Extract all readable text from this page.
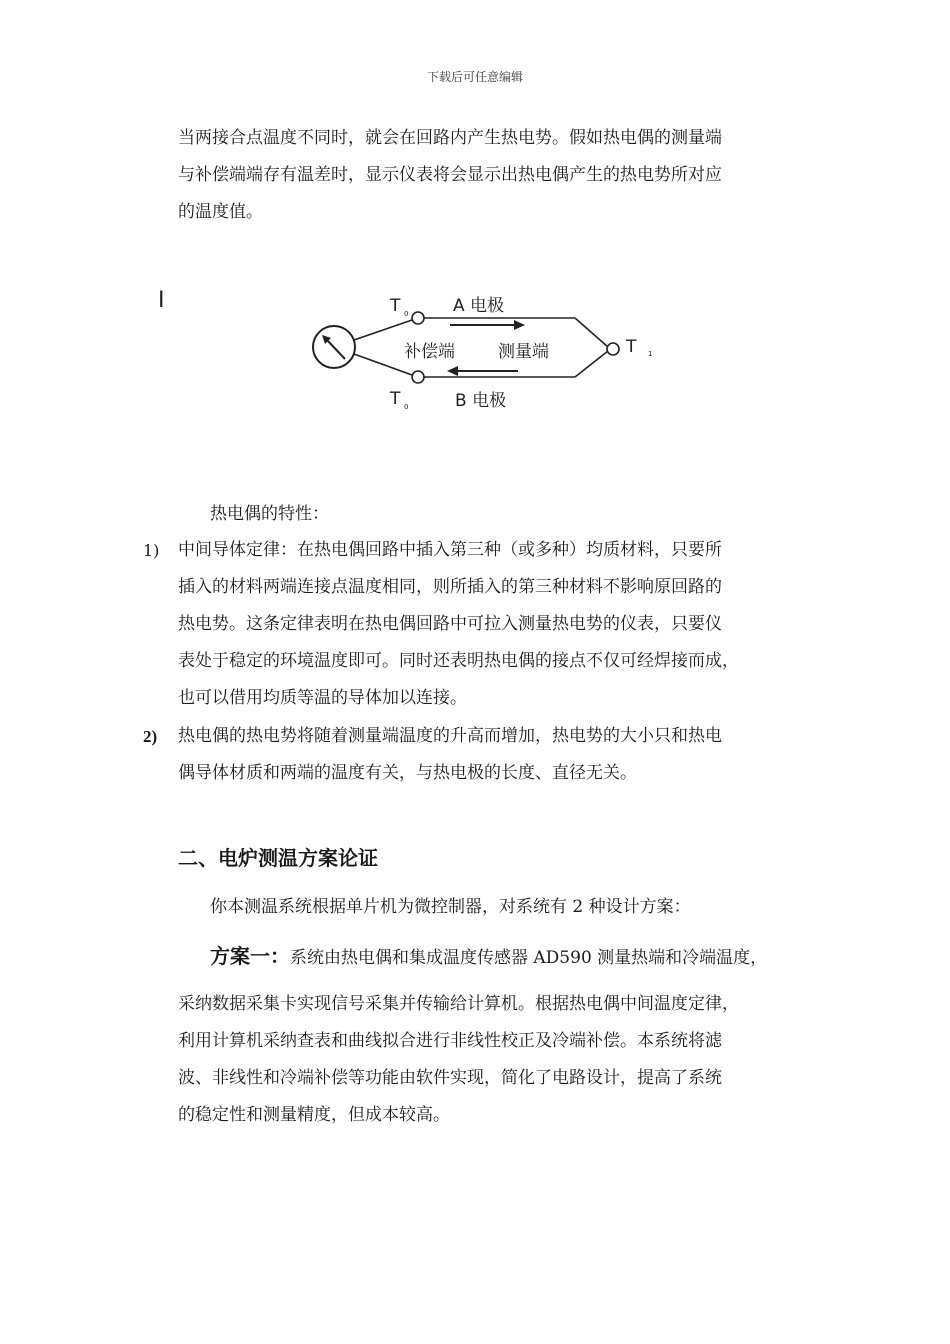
下载后可任意编辑
当两接合点温度不同时，就会在回路内产生热电势。假如热电偶的测量端
与补偿端端存有温差时，显示仪表将会显示出热电偶产生的热电势所对应
的温度值。
I	T 0
T 0
T 1
A 电极
B 电极
补偿端	测量端
热电偶的特性：
1) 中间导体定律：在热电偶回路中插入第三种（或多种）均质材料，只要所
插入的材料两端连接点温度相同，则所插入的第三种材料不影响原回路的
热电势。这条定律表明在热电偶回路中可拉入测量热电势的仪表，只要仪
表处于稳定的环境温度即可。同时还表明热电偶的接点不仅可经焊接而成，
也可以借用均质等温的导体加以连接。
2) 热电偶的热电势将随着测量端温度的升高而增加，热电势的大小只和热电
偶导体材质和两端的温度有关，与热电极的长度、直径无关。
二、电炉测温方案论证
你本测温系统根据单片机为微控制器，对系统有 2 种设计方案：
方案一：系统由热电偶和集成温度传感器 AD590 测量热端和冷端温度，
采纳数据采集卡实现信号采集并传输给计算机。根据热电偶中间温度定律，
利用计算机采纳查表和曲线拟合进行非线性校正及冷端补偿。本系统将滤
波、非线性和冷端补偿等功能由软件实现，简化了电路设计，提高了系统
的稳定性和测量精度，但成本较高。
